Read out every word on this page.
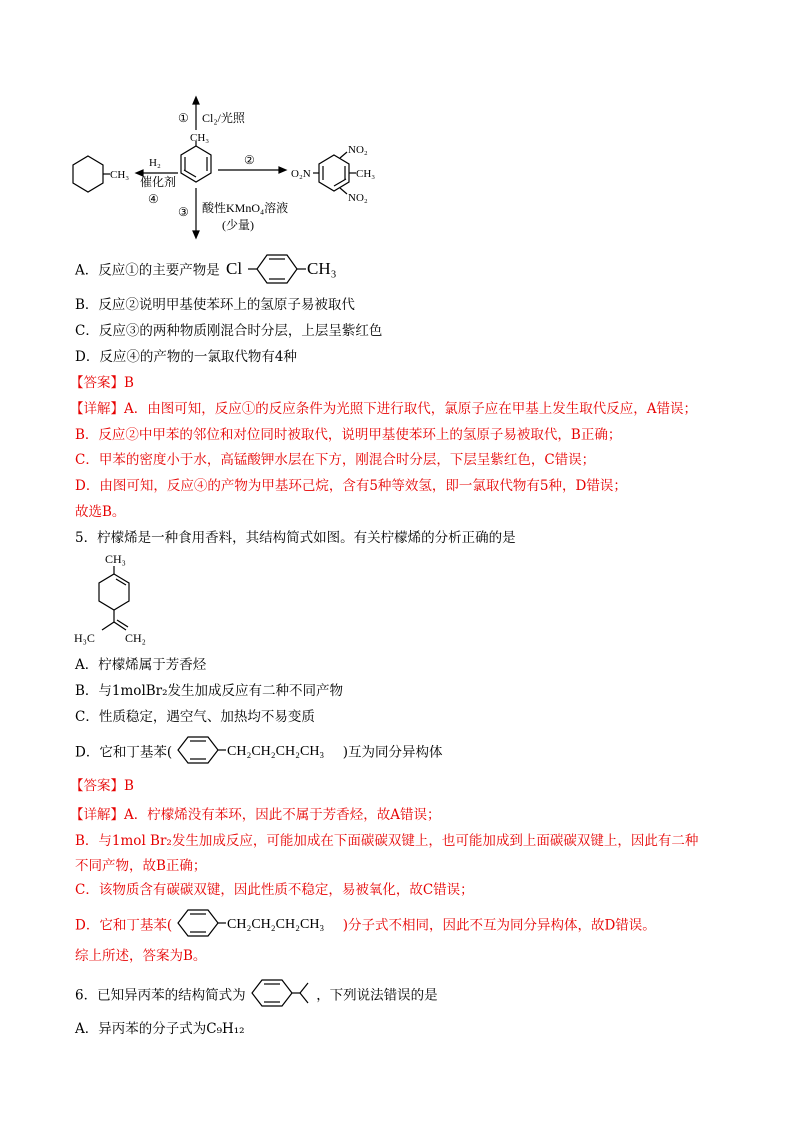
CH₃
① Cl₂/光照
②
③ 酸性KMnO₄溶液
(少量)
H₂
催化剂
④
CH₃
NO₂
CH₃
NO₂
O₂N
A．反应①的主要产物是 Cl	CH₃
B．反应②说明甲基使苯环上的氢原子易被取代
C．反应③的两种物质刚混合时分层，上层呈紫红色
D．反应④的产物的一氯取代物有4种
【答案】B
【详解】A．由图可知，反应①的反应条件为光照下进行取代，氯原子应在甲基上发生取代反应，A错误；
B．反应②中甲苯的邻位和对位同时被取代，说明甲基使苯环上的氢原子易被取代，B正确；
C．甲苯的密度小于水，高锰酸钾水层在下方，刚混合时分层，下层呈紫红色，C错误；
D．由图可知，反应④的产物为甲基环己烷，含有5种等效氢，即一氯取代物有5种，D错误；
故选B。
5．柠檬烯是一种食用香料，其结构简式如图。有关柠檬烯的分析正确的是
CH₃
H₃C	CH₂
A．柠檬烯属于芳香烃
B．与1molBr₂发生加成反应有二种不同产物
C．性质稳定，遇空气、加热均不易变质
D．它和丁基苯(	CH₂CH₂CH₂CH₃ )互为同分异构体
【答案】B
【详解】A．柠檬烯没有苯环，因此不属于芳香烃，故A错误；
B．与1mol Br₂发生加成反应，可能加成在下面碳碳双键上，也可能加成到上面碳碳双键上，因此有二种
不同产物，故B正确；
C．该物质含有碳碳双键，因此性质不稳定，易被氧化，故C错误；
D．它和丁基苯(	CH₂CH₂CH₂CH₃ )分子式不相同，因此不互为同分异构体，故D错误。
综上所述，答案为B。
6．已知异丙苯的结构简式为	，下列说法错误的是
A．异丙苯的分子式为C₉H₁₂
